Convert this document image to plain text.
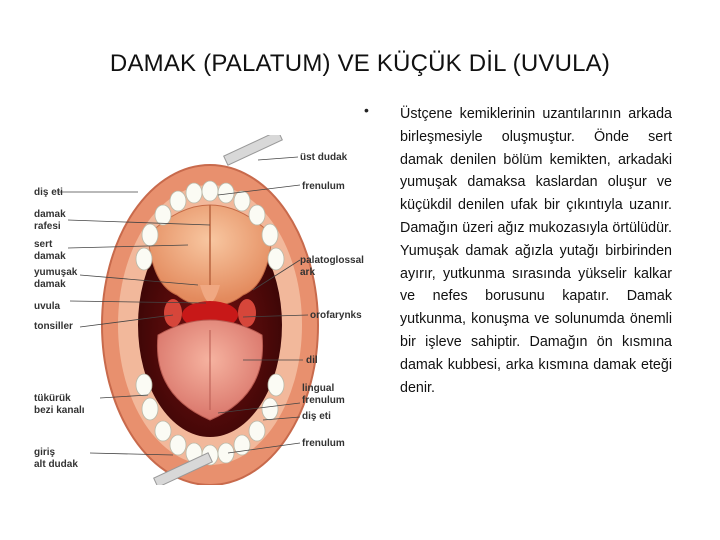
DAMAK (PALATUM) VE KÜÇÜK DİL (UVULA)
diş eti
damak
rafesi
sert
damak
yumuşak
damak
uvula
tonsiller
tükürük
bezi kanalı
giriş
alt dudak
üst dudak
frenulum
palatoglossal
ark
orofarynks
dil
lingual
frenulum
diş eti
frenulum
• Üstçene kemiklerinin uzantılarının arkada birleşmesiyle oluşmuştur. Önde sert damak denilen bölüm kemikten, arkadaki yumuşak damaksa kaslardan oluşur ve küçükdil denilen ufak bir çıkıntıyla uzanır. Damağın üzeri ağız mukozasıyla örtülüdür. Yumuşak damak ağızla yutağı birbirinden ayırır, yutkunma sırasında yükselir kalkar ve nefes borusunu kapatır. Damak yutkunma, konuşma ve solunumda önemli bir işleve sahiptir. Damağın ön kısmına damak kubbesi, arka kısmına damak eteği denir.
